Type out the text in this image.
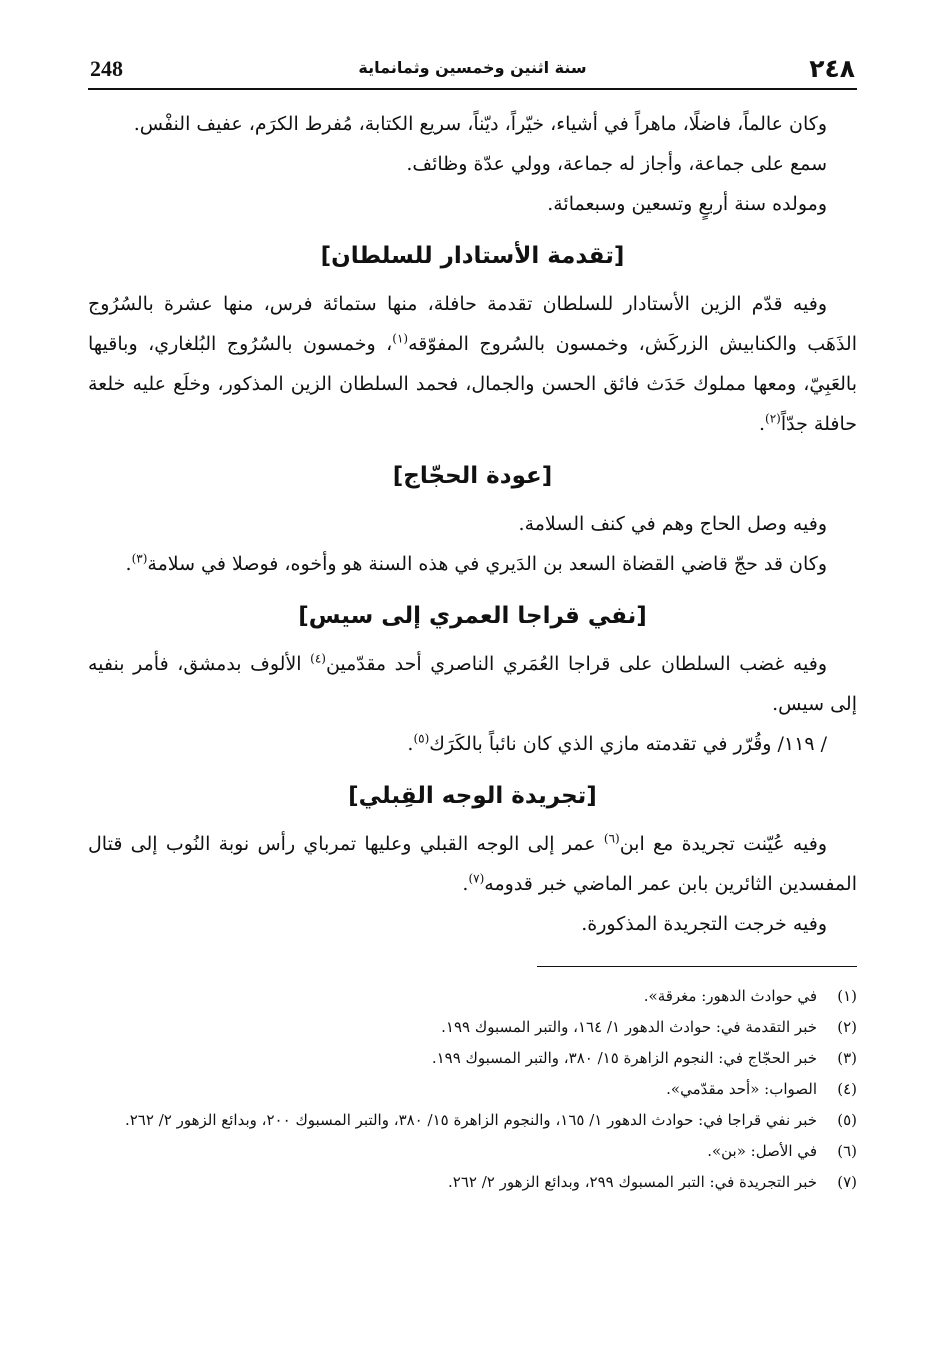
٢٤٨
سنة اثنين وخمسين وثمانماية
248

وكان عالماً، فاضلًا، ماهراً في أشياء، خيّراً، ديّناً، سريع الكتابة، مُفرط الكرَم، عفيف النفْس.

سمع على جماعة، وأجاز له جماعة، وولي عدّة وظائف.

ومولده سنة أربعٍ وتسعين وسبعمائة.

[تقدمة الأستادار للسلطان]

وفيه قدّم الزين الأستادار للسلطان تقدمة حافلة، منها ستمائة فرس، منها عشرة بالسُرُوج الذَهَب والكنابيش الزركَش، وخمسون بالسُروج المفوّقه$^{(١)}$، وخمسون بالسُرُوج البُلغاري، وباقيها بالعَبِيّ، ومعها مملوك حَدَث فائق الحسن والجمال، فحمد السلطان الزين المذكور، وخلَع عليه خلعة حافلة جدّاً$^{(٢)}$.

[عودة الحجّاج]

وفيه وصل الحاج وهم في كنف السلامة.

وكان قد حجّ قاضي القضاة السعد بن الدَيري في هذه السنة هو وأخوه، فوصلا في سلامة$^{(٣)}$.

[نفي قراجا العمري إلى سيس]

وفيه غضب السلطان على قراجا العُمَري الناصري أحد مقدّمين$^{(٤)}$ الألوف بدمشق، فأمر بنفيه إلى سيس.

/ ١١٩/ وقُرّر في تقدمته مازي الذي كان نائباً بالكَرَك$^{(٥)}$.

[تجريدة الوجه القِبلي]

وفيه عُيّنت تجريدة مع ابن$^{(٦)}$ عمر إلى الوجه القبلي وعليها تمرباي رأس نوبة النُوب إلى قتال المفسدين الثائرين بابن عمر الماضي خبر قدومه$^{(٧)}$.

وفيه خرجت التجريدة المذكورة.

(١)
في حوادث الدهور: مغرقة».
(٢)
خبر التقدمة في: حوادث الدهور ١/ ١٦٤، والتبر المسبوك ١٩٩.
(٣)
خبر الحجّاج في: النجوم الزاهرة ١٥/ ٣٨٠، والتبر المسبوك ١٩٩.
(٤)
الصواب: «أحد مقدّمي».
(٥)
خبر نفي قراجا في: حوادث الدهور ١/ ١٦٥، والنجوم الزاهرة ١٥/ ٣٨٠، والتبر المسبوك ٢٠٠، وبدائع الزهور ٢/ ٢٦٢.
(٦)
في الأصل: «بن».
(٧)
خبر التجريدة في: التبر المسبوك ٢٩٩، وبدائع الزهور ٢/ ٢٦٢.
